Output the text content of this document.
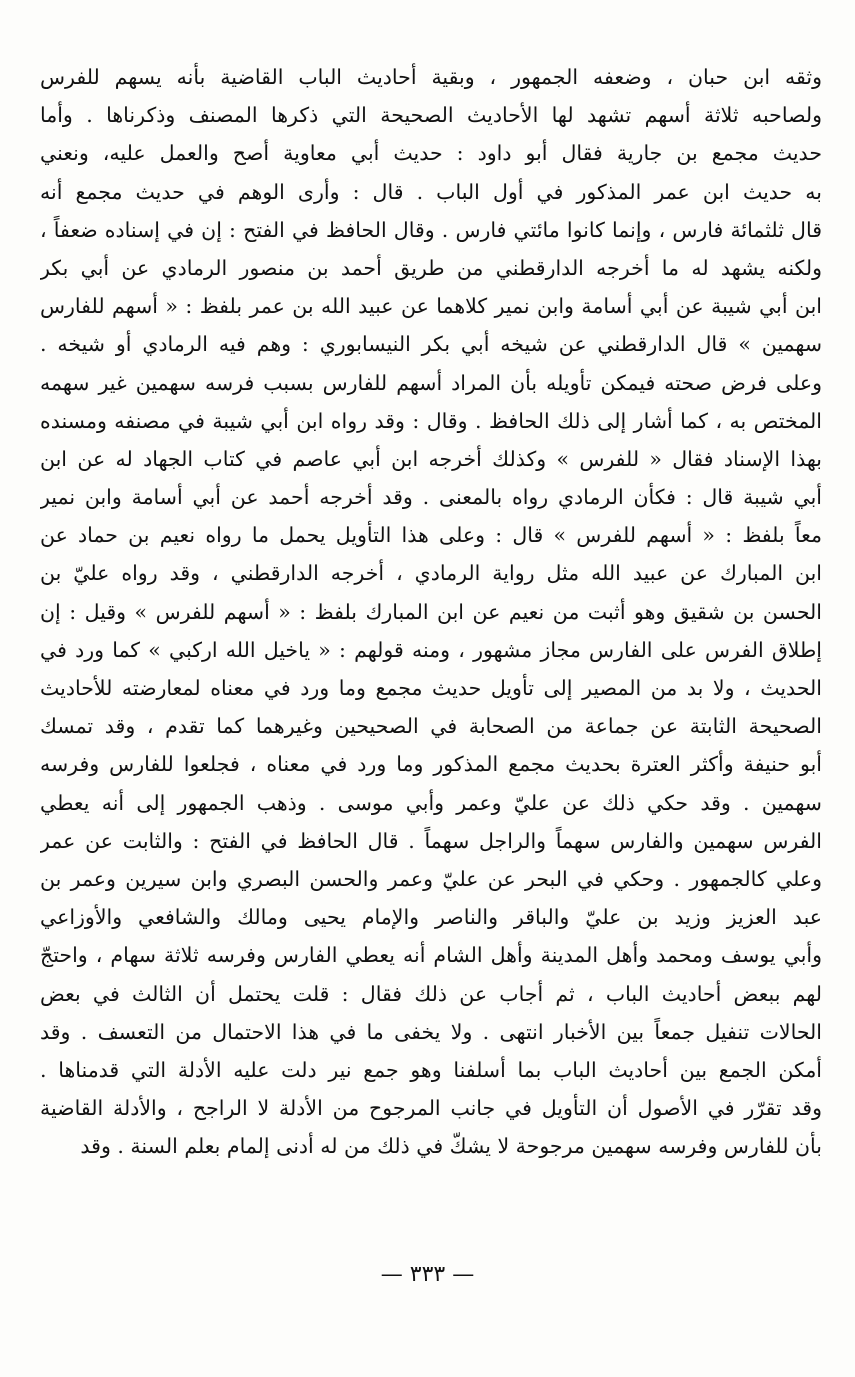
وثقه ابن حبان ، وضعفه الجمهور ، وبقية أحاديث الباب القاضية بأنه يسهم للفرس
ولصاحبه ثلاثة أسهم تشهد لها الأحاديث الصحيحة التي ذكرها المصنف وذكرناها . وأما
حديث مجمع بن جارية فقال أبو داود : حديث أبي معاوية أصح والعمل عليه، ونعني
به حديث ابن عمر المذكور في أول الباب . قال : وأرى الوهم في حديث مجمع أنه
قال ثلثمائة فارس ، وإنما كانوا مائتي فارس . وقال الحافظ في الفتح : إن في إسناده ضعفاً ،
ولكنه يشهد له ما أخرجه الدارقطني من طريق أحمد بن منصور الرمادي عن أبي بكر
ابن أبي شيبة عن أبي أسامة وابن نمير كلاهما عن عبيد الله بن عمر بلفظ : « أسهم للفارس
سهمين » قال الدارقطني عن شيخه أبي بكر النيسابوري : وهم فيه الرمادي أو شيخه .
وعلى فرض صحته فيمكن تأويله بأن المراد أسهم للفارس بسبب فرسه سهمين غير سهمه
المختص به ، كما أشار إلى ذلك الحافظ . وقال : وقد رواه ابن أبي شيبة في مصنفه ومسنده
بهذا الإسناد فقال « للفرس » وكذلك أخرجه ابن أبي عاصم في كتاب الجهاد له عن ابن
أبي شيبة قال : فكأن الرمادي رواه بالمعنى . وقد أخرجه أحمد عن أبي أسامة وابن نمير
معاً بلفظ : « أسهم للفرس » قال : وعلى هذا التأويل يحمل ما رواه نعيم بن حماد عن
ابن المبارك عن عبيد الله مثل رواية الرمادي ، أخرجه الدارقطني ، وقد رواه عليّ بن
الحسن بن شقيق وهو أثبت من نعيم عن ابن المبارك بلفظ : « أسهم للفرس » وقيل : إن
إطلاق الفرس على الفارس مجاز مشهور ، ومنه قولهم : « ياخيل الله اركبي » كما ورد في
الحديث ، ولا بد من المصير إلى تأويل حديث مجمع وما ورد في معناه لمعارضته للأحاديث
الصحيحة الثابتة عن جماعة من الصحابة في الصحيحين وغيرهما كما تقدم ، وقد تمسك
أبو حنيفة وأكثر العترة بحديث مجمع المذكور وما ورد في معناه ، فجلعوا للفارس وفرسه
سهمين . وقد حكي ذلك عن عليّ وعمر وأبي موسى . وذهب الجمهور إلى أنه يعطي
الفرس سهمين والفارس سهماً والراجل سهماً . قال الحافظ في الفتح : والثابت عن عمر
وعلي كالجمهور . وحكي في البحر عن عليّ وعمر والحسن البصري وابن سيرين وعمر بن
عبد العزيز وزيد بن عليّ والباقر والناصر والإمام يحيى ومالك والشافعي والأوزاعي
وأبي يوسف ومحمد وأهل المدينة وأهل الشام أنه يعطي الفارس وفرسه ثلاثة سهام ، واحتجّ
لهم ببعض أحاديث الباب ، ثم أجاب عن ذلك فقال : قلت يحتمل أن الثالث في بعض
الحالات تنفيل جمعاً بين الأخبار انتهى . ولا يخفى ما في هذا الاحتمال من التعسف . وقد
أمكن الجمع بين أحاديث الباب بما أسلفنا وهو جمع نير دلت عليه الأدلة التي قدمناها .
وقد تقرّر في الأصول أن التأويل في جانب المرجوح من الأدلة لا الراجح ، والأدلة القاضية
بأن للفارس وفرسه سهمين مرجوحة لا يشكّ في ذلك من له أدنى إلمام بعلم السنة . وقد
— ٣٣٣ —
